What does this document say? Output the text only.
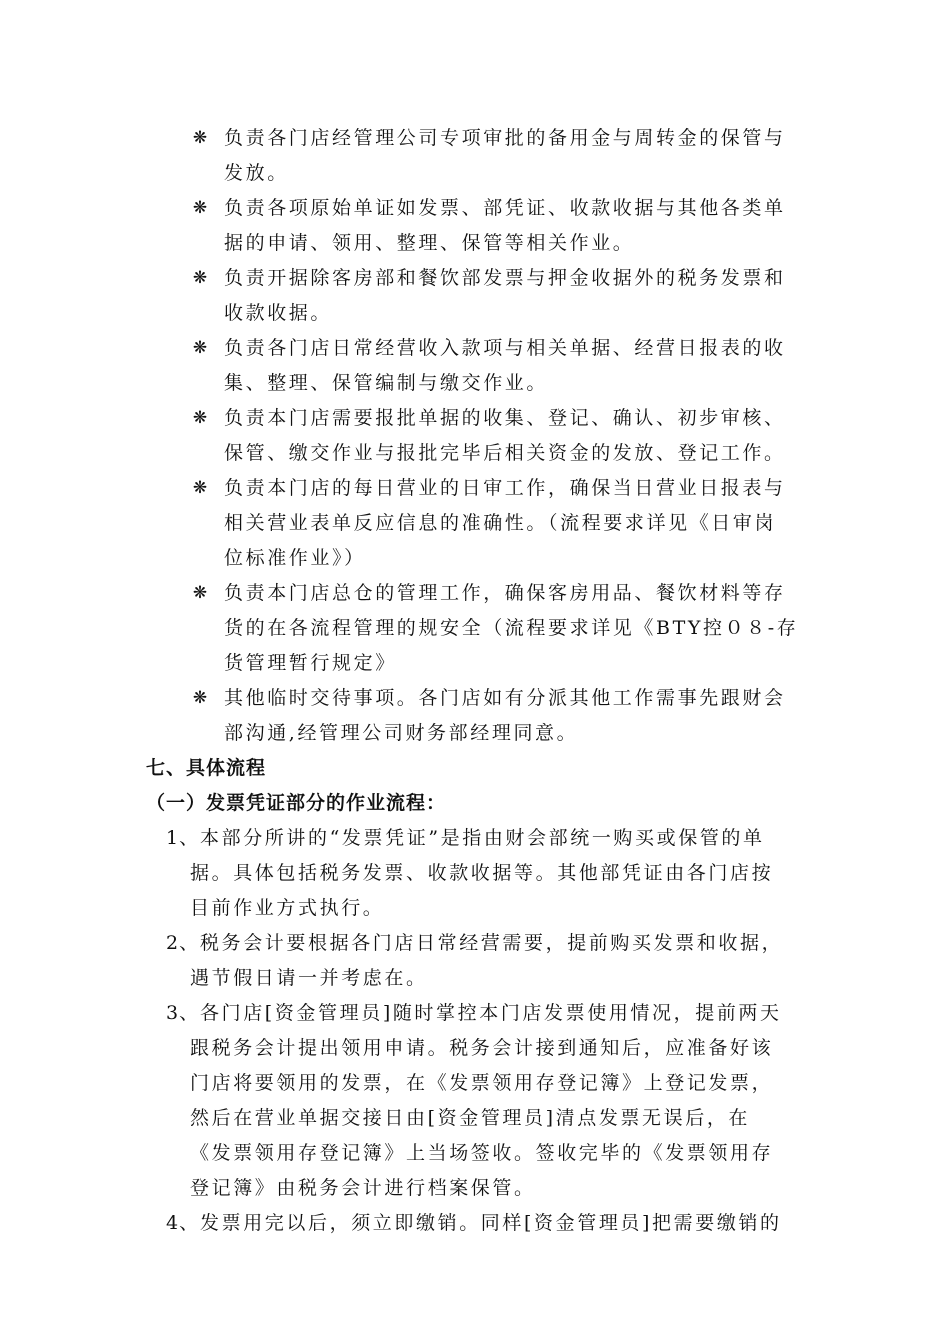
❋ 负责各门店经管理公司专项审批的备用金与周转金的保管与
发放。
❋ 负责各项原始单证如发票、部凭证、收款收据与其他各类单
据的申请、领用、整理、保管等相关作业。
❋ 负责开据除客房部和餐饮部发票与押金收据外的税务发票和
收款收据。
❋ 负责各门店日常经营收入款项与相关单据、经营日报表的收
集、整理、保管编制与缴交作业。
❋ 负责本门店需要报批单据的收集、登记、确认、初步审核、
保管、缴交作业与报批完毕后相关资金的发放、登记工作。
❋ 负责本门店的每日营业的日审工作，确保当日营业日报表与
相关营业表单反应信息的准确性。（流程要求详见《日审岗
位标准作业》）
❋ 负责本门店总仓的管理工作，确保客房用品、餐饮材料等存
货的在各流程管理的规安全（流程要求详见《BTY控０８-存
货管理暂行规定》
❋ 其他临时交待事项。各门店如有分派其他工作需事先跟财会
部沟通,经管理公司财务部经理同意。
七、具体流程
（一）发票凭证部分的作业流程：
1、 本部分所讲的“发票凭证”是指由财会部统一购买或保管的单
据。具体包括税务发票、收款收据等。其他部凭证由各门店按
目前作业方式执行。
2、 税务会计要根据各门店日常经营需要，提前购买发票和收据，
遇节假日请一并考虑在。
3、 各门店[资金管理员]随时掌控本门店发票使用情况，提前两天
跟税务会计提出领用申请。税务会计接到通知后，应准备好该
门店将要领用的发票，在《发票领用存登记簿》上登记发票，
然后在营业单据交接日由[资金管理员]清点发票无误后，在
《发票领用存登记簿》上当场签收。签收完毕的《发票领用存
登记簿》由税务会计进行档案保管。
4、 发票用完以后，须立即缴销。同样[资金管理员]把需要缴销的
